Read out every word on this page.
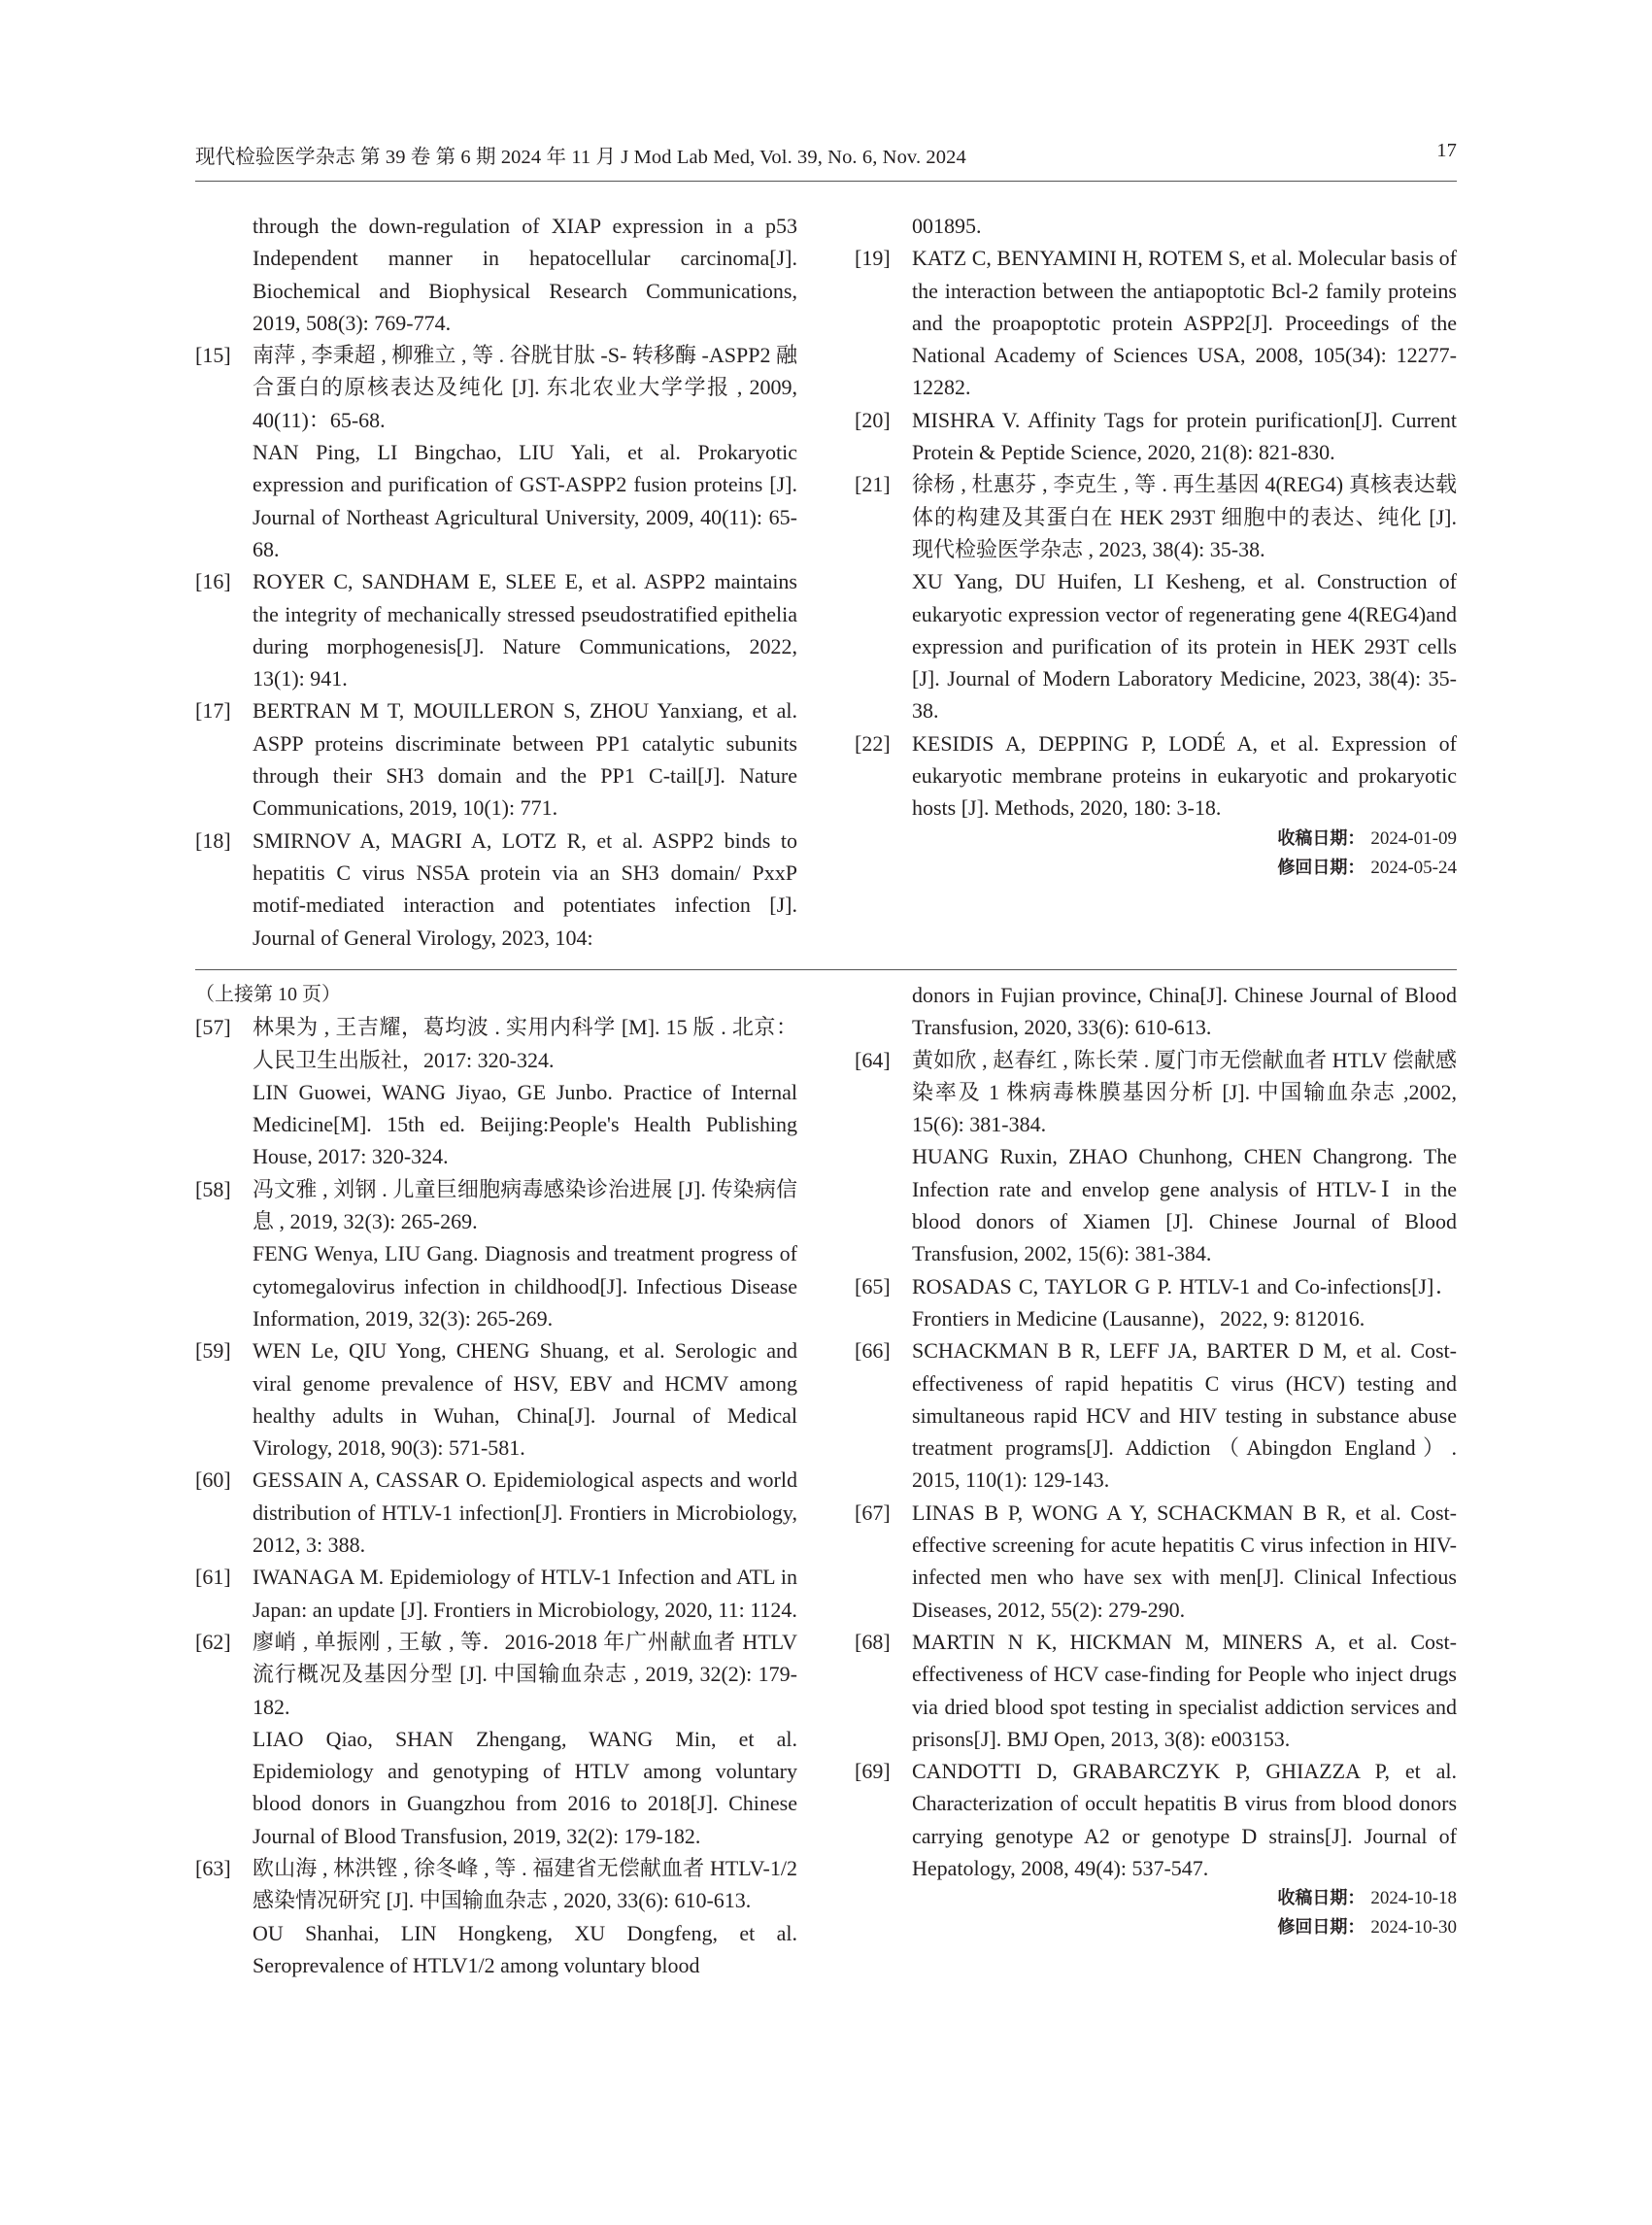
现代检验医学杂志 第 39 卷 第 6 期 2024 年 11 月 J Mod Lab Med, Vol. 39, No. 6, Nov. 2024	17

through the down-regulation of XIAP expression in a p53 Independent manner in hepatocellular carcinoma[J]. Biochemical and Biophysical Research Communications, 2019, 508(3): 769-774.

[15] 南萍 , 李秉超 , 柳雅立 , 等 . 谷胱甘肽 -S- 转移酶 -ASPP2 融合蛋白的原核表达及纯化 [J]. 东北农业大学学报 , 2009, 40(11)：65-68.

NAN Ping, LI Bingchao, LIU Yali, et al. Prokaryotic expression and purification of GST-ASPP2 fusion proteins [J]. Journal of Northeast Agricultural University, 2009, 40(11): 65-68.

[16] ROYER C, SANDHAM E, SLEE E, et al. ASPP2 maintains the integrity of mechanically stressed pseudostratified epithelia during morphogenesis[J]. Nature Communications, 2022, 13(1): 941.

[17] BERTRAN M T, MOUILLERON S, ZHOU Yanxiang, et al. ASPP proteins discriminate between PP1 catalytic subunits through their SH3 domain and the PP1 C-tail[J]. Nature Communications, 2019, 10(1): 771.

[18] SMIRNOV A, MAGRI A, LOTZ R, et al. ASPP2 binds to hepatitis C virus NS5A protein via an SH3 domain/ PxxP motif-mediated interaction and potentiates infection [J]. Journal of General Virology, 2023, 104:

001895.

[19] KATZ C, BENYAMINI H, ROTEM S, et al. Molecular basis of the interaction between the antiapoptotic Bcl-2 family proteins and the proapoptotic protein ASPP2[J]. Proceedings of the National Academy of Sciences USA, 2008, 105(34): 12277-12282.

[20] MISHRA V. Affinity Tags for protein purification[J]. Current Protein & Peptide Science, 2020, 21(8): 821-830.

[21] 徐杨 , 杜惠芬 , 李克生 , 等 . 再生基因 4(REG4) 真核表达载体的构建及其蛋白在 HEK 293T 细胞中的表达、纯化 [J]. 现代检验医学杂志 , 2023, 38(4): 35-38.

XU Yang, DU Huifen, LI Kesheng, et al. Construction of eukaryotic expression vector of regenerating gene 4(REG4)and expression and purification of its protein in HEK 293T cells [J]. Journal of Modern Laboratory Medicine, 2023, 38(4): 35-38.

[22] KESIDIS A, DEPPING P, LODÉ A, et al. Expression of eukaryotic membrane proteins in eukaryotic and prokaryotic hosts [J]. Methods, 2020, 180: 3-18.

收稿日期： 2024-01-09
修回日期： 2024-05-24
（上接第 10 页）
[57] 林果为 , 王吉耀，葛均波 . 实用内科学 [M]. 15 版 . 北京：人民卫生出版社，2017: 320-324.

LIN Guowei, WANG Jiyao, GE Junbo. Practice of Internal Medicine[M]. 15th ed. Beijing:People's Health Publishing House, 2017: 320-324.

[58] 冯文雅 , 刘钢 . 儿童巨细胞病毒感染诊治进展 [J]. 传染病信息 , 2019, 32(3): 265-269.

FENG Wenya, LIU Gang. Diagnosis and treatment progress of cytomegalovirus infection in childhood[J]. Infectious Disease Information, 2019, 32(3): 265-269.

[59] WEN Le, QIU Yong, CHENG Shuang, et al. Serologic and viral genome prevalence of HSV, EBV and HCMV among healthy adults in Wuhan, China[J]. Journal of Medical Virology, 2018, 90(3): 571-581.

[60] GESSAIN A, CASSAR O. Epidemiological aspects and world distribution of HTLV-1 infection[J]. Frontiers in Microbiology, 2012, 3: 388.

[61] IWANAGA M. Epidemiology of HTLV-1 Infection and ATL in Japan: an update [J]. Frontiers in Microbiology, 2020, 11: 1124.

[62] 廖峭 , 单振刚 , 王敏 , 等．2016-2018 年广州献血者 HTLV 流行概况及基因分型 [J]. 中国输血杂志 , 2019, 32(2): 179-182.

LIAO Qiao, SHAN Zhengang, WANG Min, et al. Epidemiology and genotyping of HTLV among voluntary blood donors in Guangzhou from 2016 to 2018[J]. Chinese Journal of Blood Transfusion, 2019, 32(2): 179-182.

[63] 欧山海 , 林洪铿 , 徐冬峰 , 等 . 福建省无偿献血者 HTLV-1/2 感染情况研究 [J]. 中国输血杂志 , 2020, 33(6): 610-613.

OU Shanhai, LIN Hongkeng, XU Dongfeng, et al. Seroprevalence of HTLV1/2 among voluntary blood

donors in Fujian province, China[J]. Chinese Journal of Blood Transfusion, 2020, 33(6): 610-613.

[64] 黄如欣 , 赵春红 , 陈长荣 . 厦门市无偿献血者 HTLV 偿献感染率及 1 株病毒株膜基因分析 [J]. 中国输血杂志 ,2002, 15(6): 381-384.

HUANG Ruxin, ZHAO Chunhong, CHEN Changrong. The Infection rate and envelop gene analysis of HTLV-Ⅰ in the blood donors of Xiamen [J]. Chinese Journal of Blood Transfusion, 2002, 15(6): 381-384.

[65] ROSADAS C, TAYLOR G P. HTLV-1 and Co-infections[J]． Frontiers in Medicine (Lausanne)，2022, 9: 812016.

[66] SCHACKMAN B R, LEFF JA, BARTER D M, et al. Cost-effectiveness of rapid hepatitis C virus (HCV) testing and simultaneous rapid HCV and HIV testing in substance abuse treatment programs[J]. Addiction（Abingdon England）. 2015, 110(1): 129-143.

[67] LINAS B P, WONG A Y, SCHACKMAN B R, et al. Cost-effective screening for acute hepatitis C virus infection in HIV-infected men who have sex with men[J]. Clinical Infectious Diseases, 2012, 55(2): 279-290.

[68] MARTIN N K, HICKMAN M, MINERS A, et al. Cost-effectiveness of HCV case-finding for People who inject drugs via dried blood spot testing in specialist addiction services and prisons[J]. BMJ Open, 2013, 3(8): e003153.

[69] CANDOTTI D, GRABARCZYK P, GHIAZZA P, et al. Characterization of occult hepatitis B virus from blood donors carrying genotype A2 or genotype D strains[J]. Journal of Hepatology, 2008, 49(4): 537-547.

收稿日期： 2024-10-18
修回日期： 2024-10-30
